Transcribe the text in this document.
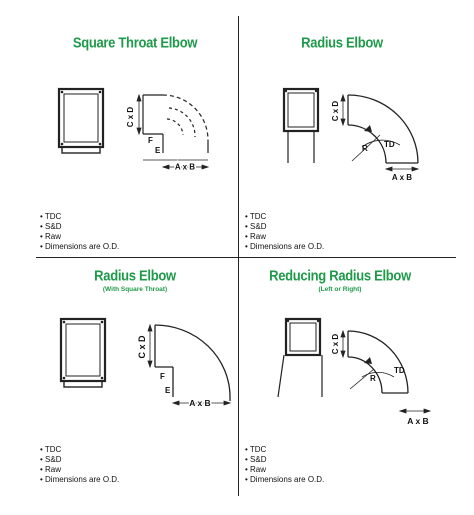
Square Throat Elbow
C x D
F
E
A x B
• TDC
• S&D
• Raw
• Dimensions are O.D.
Radius Elbow
C x D
R TD
A x B
• TDC
• S&D
• Raw
• Dimensions are O.D.
Radius Elbow
(With Square Throat)
C x D
F
E
A x B
• TDC
• S&D
• Raw
• Dimensions are O.D.
Reducing Radius Elbow
(Left or Right)
C x D
R
TD
A x B
• TDC
• S&D
• Raw
• Dimensions are O.D.
